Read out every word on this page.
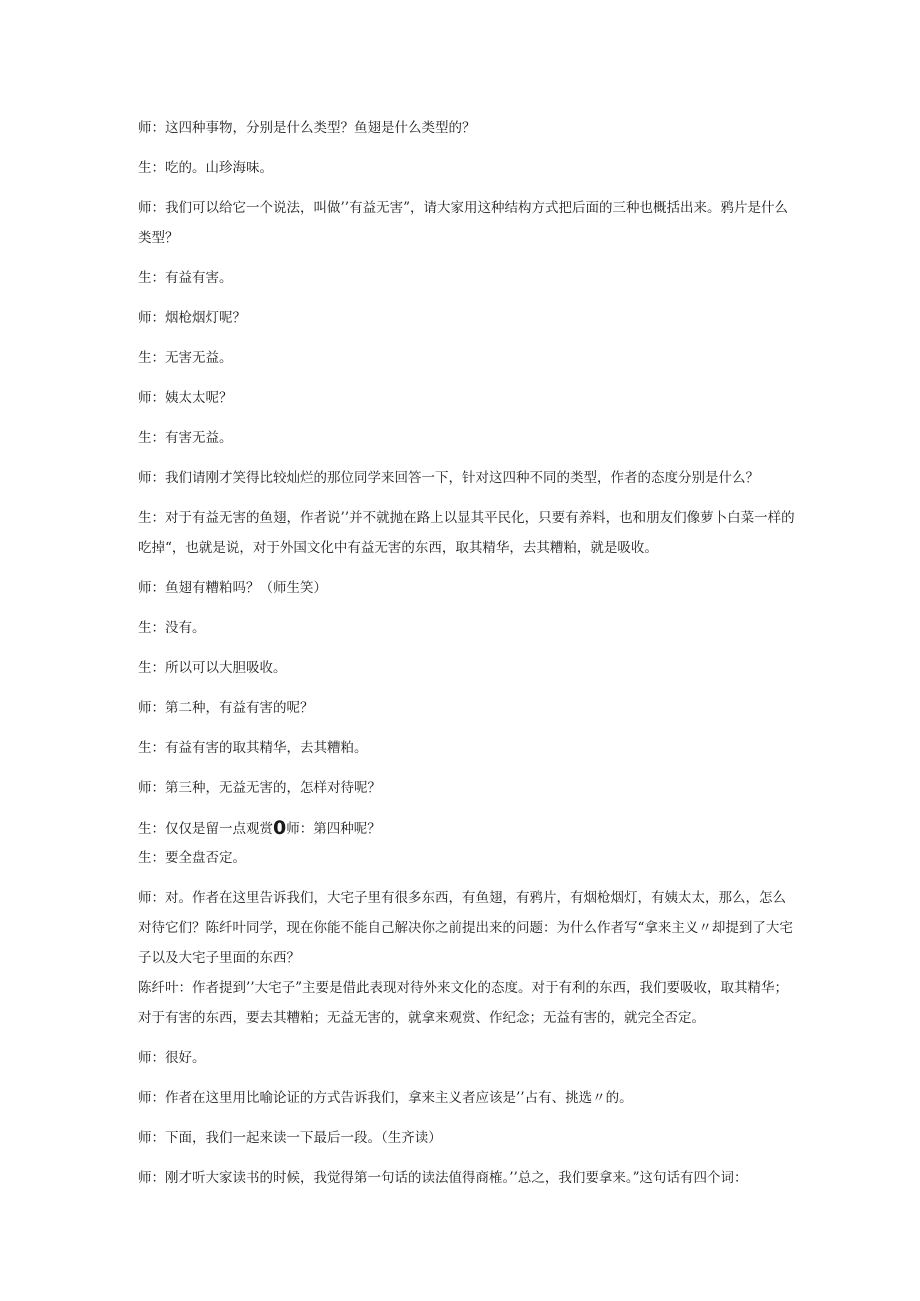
师：这四种事物，分别是什么类型？鱼翅是什么类型的？

生：吃的。山珍海味。

师：我们可以给它一个说法，叫做’’有益无害”，请大家用这种结构方式把后面的三种也概括出来。鸦片是什么类型？

生：有益有害。

师：烟枪烟灯呢？

生：无害无益。

师：姨太太呢？

生：有害无益。

师：我们请刚才笑得比较灿烂的那位同学来回答一下，针对这四种不同的类型，作者的态度分别是什么？

生：对于有益无害的鱼翅，作者说’’并不就抛在路上以显其平民化，只要有养料，也和朋友们像萝卜白菜一样的吃掉“，也就是说，对于外国文化中有益无害的东西，取其精华，去其糟粕，就是吸收。

师：鱼翅有糟粕吗？（师生笑）

生：没有。

生：所以可以大胆吸收。

师：第二种，有益有害的呢？

生：有益有害的取其精华，去其糟粕。

师：第三种，无益无害的，怎样对待呢？

生：仅仅是留一点观赏0师：第四种呢？

生：要全盘否定。

师：对。作者在这里告诉我们，大宅子里有很多东西，有鱼翅，有鸦片，有烟枪烟灯，有姨太太，那么，怎么对待它们？陈纤叶同学，现在你能不能自己解决你之前提出来的问题：为什么作者写“拿来主义〃却提到了大宅子以及大宅子里面的东西？

陈纤叶：作者提到’’大宅子”主要是借此表现对待外来文化的态度。对于有利的东西，我们要吸收，取其精华；对于有害的东西，要去其糟粕；无益无害的，就拿来观赏、作纪念；无益有害的，就完全否定。

师：很好。

师：作者在这里用比喻论证的方式告诉我们，拿来主义者应该是’’占有、挑选〃的。

师：下面，我们一起来读一下最后一段。（生齐读）

师：刚才听大家读书的时候，我觉得第一句话的读法值得商榷。’’总之，我们要拿来。”这句话有四个词：
